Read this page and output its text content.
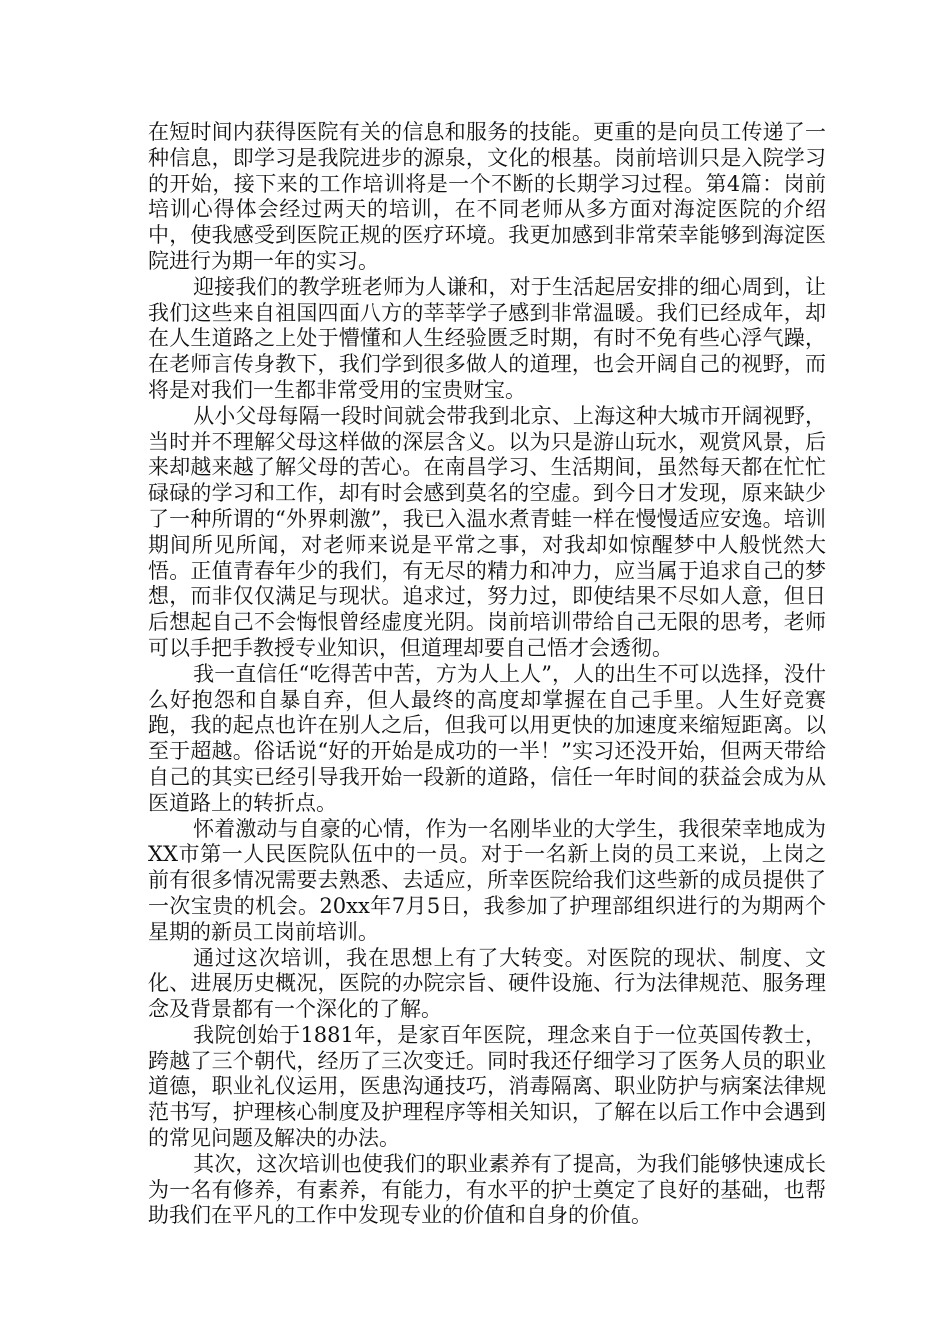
在短时间内获得医院有关的信息和服务的技能。更重的是向员工传递了一种信息，即学习是我院进步的源泉，文化的根基。岗前培训只是入院学习的开始，接下来的工作培训将是一个不断的长期学习过程。第4篇：岗前培训心得体会经过两天的培训，在不同老师从多方面对海淀医院的介绍中，使我感受到医院正规的医疗环境。我更加感到非常荣幸能够到海淀医院进行为期一年的实习。

迎接我们的教学班老师为人谦和，对于生活起居安排的细心周到，让我们这些来自祖国四面八方的莘莘学子感到非常温暖。我们已经成年，却在人生道路之上处于懵懂和人生经验匮乏时期，有时不免有些心浮气躁，在老师言传身教下，我们学到很多做人的道理，也会开阔自己的视野，而将是对我们一生都非常受用的宝贵财宝。

从小父母每隔一段时间就会带我到北京、上海这种大城市开阔视野，当时并不理解父母这样做的深层含义。以为只是游山玩水，观赏风景，后来却越来越了解父母的苦心。在南昌学习、生活期间，虽然每天都在忙忙碌碌的学习和工作，却有时会感到莫名的空虚。到今日才发现，原来缺少了一种所谓的“外界刺激”，我已入温水煮青蛙一样在慢慢适应安逸。培训期间所见所闻，对老师来说是平常之事，对我却如惊醒梦中人般恍然大悟。正值青春年少的我们，有无尽的精力和冲力，应当属于追求自己的梦想，而非仅仅满足与现状。追求过，努力过，即使结果不尽如人意，但日后想起自己不会悔恨曾经虚度光阴。岗前培训带给自己无限的思考，老师可以手把手教授专业知识，但道理却要自己悟才会透彻。

我一直信任“吃得苦中苦，方为人上人”，人的出生不可以选择，没什么好抱怨和自暴自弃，但人最终的高度却掌握在自己手里。人生好竞赛跑，我的起点也许在别人之后，但我可以用更快的加速度来缩短距离。以至于超越。俗话说“好的开始是成功的一半！”实习还没开始，但两天带给自己的其实已经引导我开始一段新的道路，信任一年时间的获益会成为从医道路上的转折点。

怀着激动与自豪的心情，作为一名刚毕业的大学生，我很荣幸地成为XX市第一人民医院队伍中的一员。对于一名新上岗的员工来说，上岗之前有很多情况需要去熟悉、去适应，所幸医院给我们这些新的成员提供了一次宝贵的机会。20xx年7月5日，我参加了护理部组织进行的为期两个星期的新员工岗前培训。

通过这次培训，我在思想上有了大转变。对医院的现状、制度、文化、进展历史概况，医院的办院宗旨、硬件设施、行为法律规范、服务理念及背景都有一个深化的了解。

我院创始于1881年，是家百年医院，理念来自于一位英国传教士，跨越了三个朝代，经历了三次变迁。同时我还仔细学习了医务人员的职业道德，职业礼仪运用，医患沟通技巧，消毒隔离、职业防护与病案法律规范书写，护理核心制度及护理程序等相关知识，了解在以后工作中会遇到的常见问题及解决的办法。

其次，这次培训也使我们的职业素养有了提高，为我们能够快速成长为一名有修养，有素养，有能力，有水平的护士奠定了良好的基础，也帮助我们在平凡的工作中发现专业的价值和自身的价值。
